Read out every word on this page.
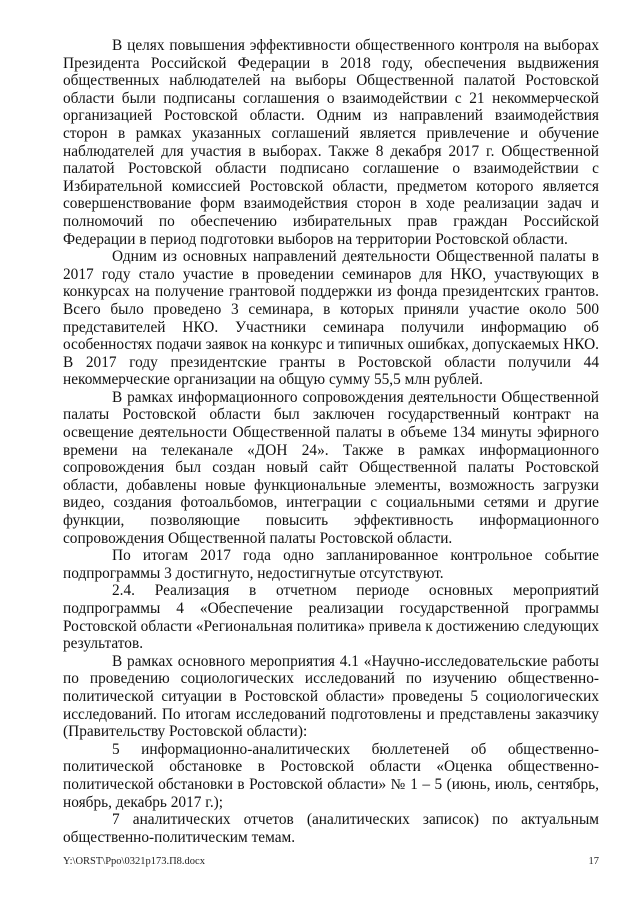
В целях повышения эффективности общественного контроля на выборах Президента Российской Федерации в 2018 году, обеспечения выдвижения общественных наблюдателей на выборы Общественной палатой Ростовской области были подписаны соглашения о взаимодействии с 21 некоммерческой организацией Ростовской области. Одним из направлений взаимодействия сторон в рамках указанных соглашений является привлечение и обучение наблюдателей для участия в выборах. Также 8 декабря 2017 г. Общественной палатой Ростовской области подписано соглашение о взаимодействии с Избирательной комиссией Ростовской области, предметом которого является совершенствование форм взаимодействия сторон в ходе реализации задач и полномочий по обеспечению избирательных прав граждан Российской Федерации в период подготовки выборов на территории Ростовской области.

Одним из основных направлений деятельности Общественной палаты в 2017 году стало участие в проведении семинаров для НКО, участвующих в конкурсах на получение грантовой поддержки из фонда президентских грантов. Всего было проведено 3 семинара, в которых приняли участие около 500 представителей НКО. Участники семинара получили информацию об особенностях подачи заявок на конкурс и типичных ошибках, допускаемых НКО. В 2017 году президентские гранты в Ростовской области получили 44 некоммерческие организации на общую сумму 55,5 млн рублей.

В рамках информационного сопровождения деятельности Общественной палаты Ростовской области был заключен государственный контракт на освещение деятельности Общественной палаты в объеме 134 минуты эфирного времени на телеканале «ДОН 24». Также в рамках информационного сопровождения был создан новый сайт Общественной палаты Ростовской области, добавлены новые функциональные элементы, возможность загрузки видео, создания фотоальбомов, интеграции с социальными сетями и другие функции, позволяющие повысить эффективность информационного сопровождения Общественной палаты Ростовской области.

По итогам 2017 года одно запланированное контрольное событие подпрограммы 3 достигнуто, недостигнутые отсутствуют.

2.4. Реализация в отчетном периоде основных мероприятий подпрограммы 4 «Обеспечение реализации государственной программы Ростовской области «Региональная политика» привела к достижению следующих результатов.

В рамках основного мероприятия 4.1 «Научно-исследовательские работы по проведению социологических исследований по изучению общественно-политической ситуации в Ростовской области» проведены 5 социологических исследований. По итогам исследований подготовлены и представлены заказчику (Правительству Ростовской области):

5 информационно-аналитических бюллетеней об общественно-политической обстановке в Ростовской области «Оценка общественно-политической обстановки в Ростовской области» № 1 – 5 (июнь, июль, сентябрь, ноябрь, декабрь 2017 г.);

7 аналитических отчетов (аналитических записок) по актуальным общественно-политическим темам.

Y:\ORST\Ppo\0321p173.П8.docx	17
